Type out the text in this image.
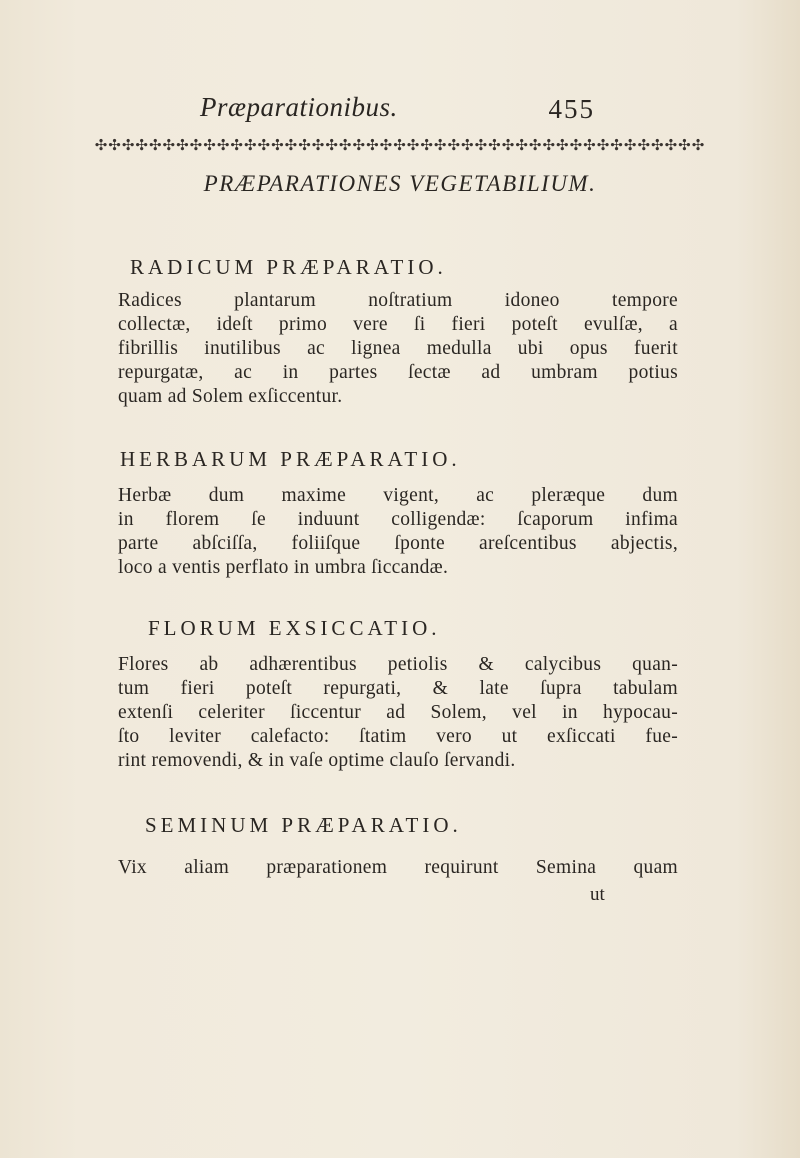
Præparationibus.	455
✣✣✣✣✣✣✣✣✣✣✣✣✣✣✣✣✣✣✣✣✣✣✣✣✣✣✣✣✣✣✣✣✣✣✣✣✣✣✣✣✣✣✣✣✣
PRÆPARATIONES VEGETABILIUM.
RADICUM PRÆPARATIO.
Radices plantarum noſtratium idoneo tempore
collectæ, ideſt primo vere ſi fieri poteſt evulſæ, a
fibrillis inutilibus ac lignea medulla ubi opus fuerit
repurgatæ, ac in partes ſectæ ad umbram potius
quam ad Solem exſiccentur.
HERBARUM PRÆPARATIO.
Herbæ dum maxime vigent, ac pleræque dum
in florem ſe induunt colligendæ: ſcaporum infima
parte abſciſſa, foliiſque ſponte areſcentibus abjectis,
loco a ventis perflato in umbra ſiccandæ.
FLORUM EXSICCATIO.
Flores ab adhærentibus petiolis & calycibus quan-
tum fieri poteſt repurgati, & late ſupra tabulam
extenſi celeriter ſiccentur ad Solem, vel in hypocau-
ſto leviter calefacto: ſtatim vero ut exſiccati fue-
rint removendi, & in vaſe optime clauſo ſervandi.
SEMINUM PRÆPARATIO.
Vix aliam præparationem requirunt Semina quam
ut
